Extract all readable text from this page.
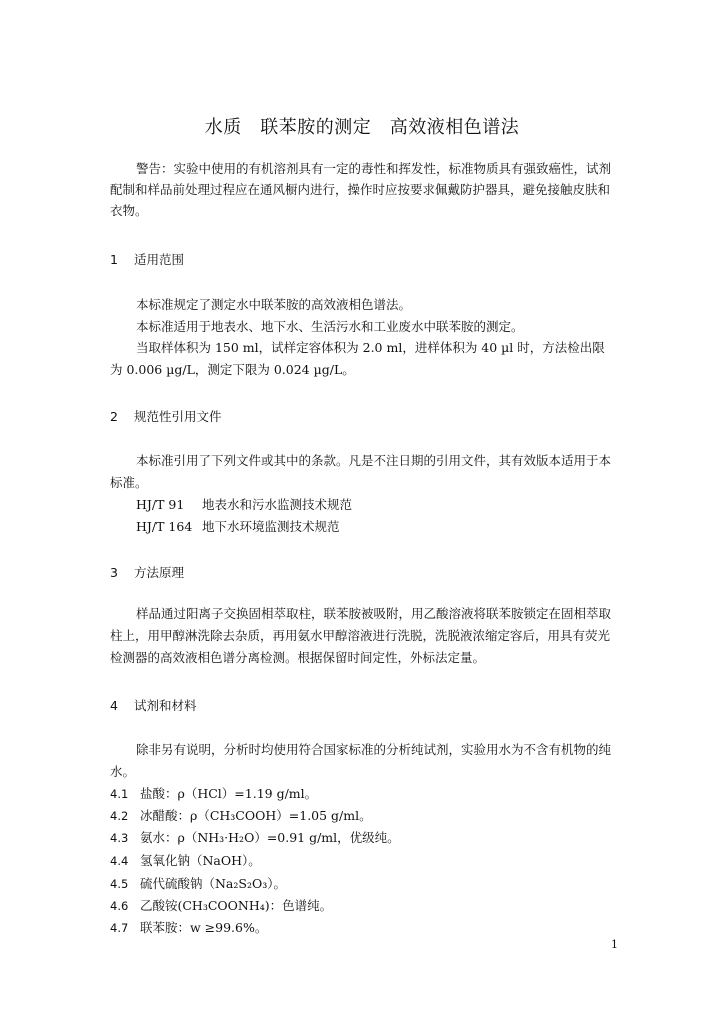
水质　联苯胺的测定　高效液相色谱法
警告：实验中使用的有机溶剂具有一定的毒性和挥发性，标准物质具有强致癌性，试剂配制和样品前处理过程应在通风橱内进行，操作时应按要求佩戴防护器具，避免接触皮肤和衣物。
1 适用范围
本标准规定了测定水中联苯胺的高效液相色谱法。
本标准适用于地表水、地下水、生活污水和工业废水中联苯胺的测定。
当取样体积为 150 ml，试样定容体积为 2.0 ml，进样体积为 40 µl 时，方法检出限为 0.006 µg/L，测定下限为 0.024 µg/L。
2 规范性引用文件
本标准引用了下列文件或其中的条款。凡是不注日期的引用文件，其有效版本适用于本标准。
HJ/T 91 地表水和污水监测技术规范
HJ/T 164 地下水环境监测技术规范
3 方法原理
样品通过阳离子交换固相萃取柱，联苯胺被吸附，用乙酸溶液将联苯胺锁定在固相萃取柱上，用甲醇淋洗除去杂质，再用氨水甲醇溶液进行洗脱，洗脱液浓缩定容后，用具有荧光检测器的高效液相色谱分离检测。根据保留时间定性，外标法定量。
4 试剂和材料
除非另有说明，分析时均使用符合国家标准的分析纯试剂，实验用水为不含有机物的纯水。
4.1 盐酸：ρ（HCl）=1.19 g/ml。
4.2 冰醋酸：ρ（CH₃COOH）=1.05 g/ml。
4.3 氨水：ρ（NH₃·H₂O）=0.91 g/ml，优级纯。
4.4 氢氧化钠（NaOH）。
4.5 硫代硫酸钠（Na₂S₂O₃）。
4.6 乙酸铵(CH₃COONH₄)：色谱纯。
4.7 联苯胺：w ≥99.6%。
1
